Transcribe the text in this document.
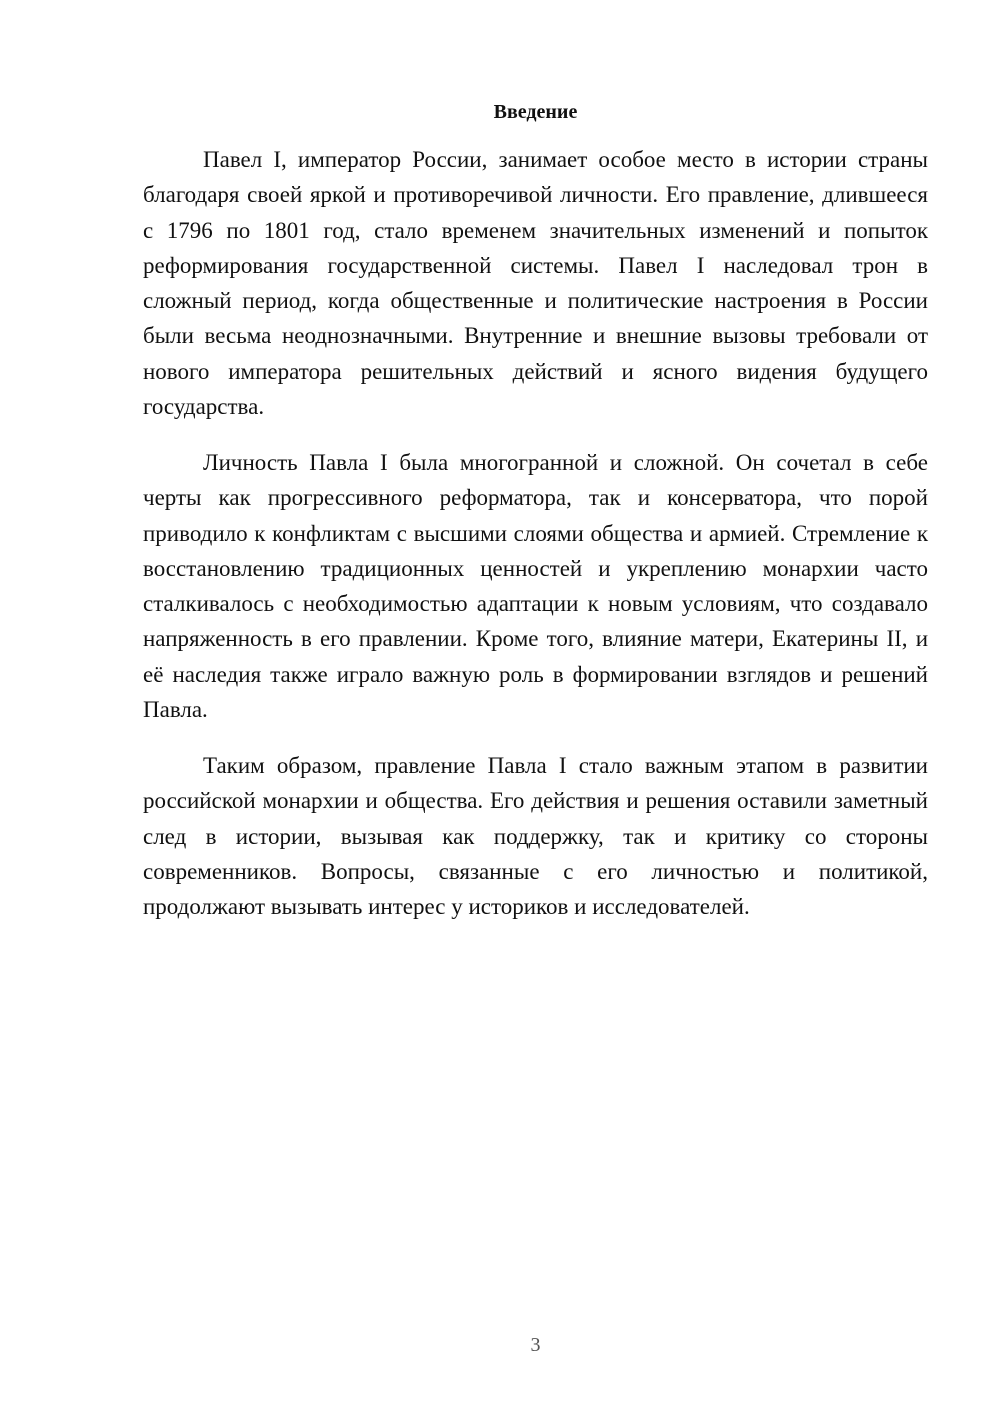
Введение

Павел I, император России, занимает особое место в истории страны благодаря своей яркой и противоречивой личности. Его правление, длившееся с 1796 по 1801 год, стало временем значительных изменений и попыток реформирования государственной системы. Павел I наследовал трон в сложный период, когда общественные и политические настроения в России были весьма неоднозначными. Внутренние и внешние вызовы требовали от нового императора решительных действий и ясного видения будущего государства.

Личность Павла I была многогранной и сложной. Он сочетал в себе черты как прогрессивного реформатора, так и консерватора, что порой приводило к конфликтам с высшими слоями общества и армией. Стремление к восстановлению традиционных ценностей и укреплению монархии часто сталкивалось с необходимостью адаптации к новым условиям, что создавало напряженность в его правлении. Кроме того, влияние матери, Екатерины II, и её наследия также играло важную роль в формировании взглядов и решений Павла.

Таким образом, правление Павла I стало важным этапом в развитии российской монархии и общества. Его действия и решения оставили заметный след в истории, вызывая как поддержку, так и критику со стороны современников. Вопросы, связанные с его личностью и политикой, продолжают вызывать интерес у историков и исследователей.

3
